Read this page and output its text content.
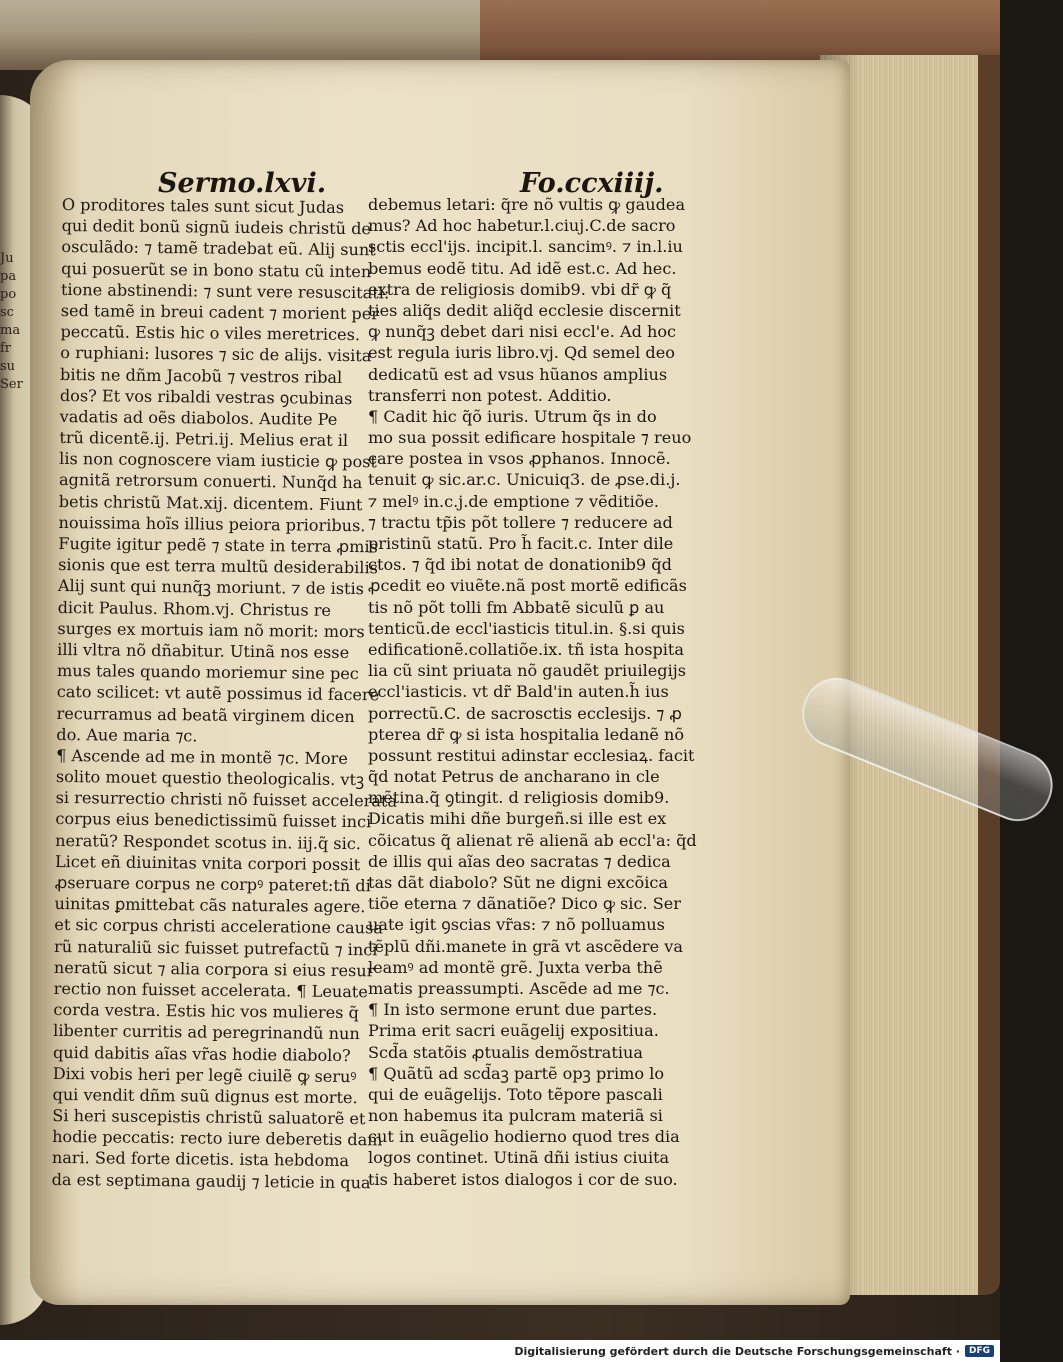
Ju
pa
po
sc
ma
fr
su
Ser
Sermo.lxvi.	Fo.ccxiiij.
O proditores tales sunt sicut Judas
qui dedit bonũ signũ iudeis christũ de
osculãdo: ⁊ tamẽ tradebat eũ. Alij sunt
qui posuerũt se in bono statu cũ inten
tione abstinendi: ⁊ sunt vere resuscitati:
sed tamẽ in breui cadent ⁊ morient per
peccatũ. Estis hic o viles meretrices.
o ruphiani: lusores ⁊ sic de alijs. visita
bitis ne dñm Jacobũ ⁊ vestros ribal
dos? Et vos ribaldi vestras ꝯcubinas
vadatis ad oẽs diabolos. Audite Pe
trũ dicentẽ.ij. Petri.ij. Melius erat il
lis non cognoscere viam iusticie ꝙ post
agnitã retrorsum conuerti. Nunq̃d ha
betis christũ Mat.xij. dicentem. Fiunt
nouissima hoĩs illius peiora prioribus.
Fugite igitur pedẽ ⁊ state in terra ꝓmis
sionis que est terra multũ desiderabilis
Alij sunt qui nunq̃ꝫ moriunt. ⁊ de istis
dicit Paulus. Rhom.vj. Christus re
surges ex mortuis iam nõ morit: mors
illi vltra nõ dñabitur. Utinã nos esse
mus tales quando moriemur sine pec
cato scilicet: vt autẽ possimus id facere
recurramus ad beatã virginem dicen
do. Aue maria ⁊c.
¶ Ascende ad me in montẽ ⁊c. More
solito mouet questio theologicalis. vtꝫ
si resurrectio christi nõ fuisset accelerata
corpus eius benedictissimũ fuisset inci
neratũ? Respondet scotus in. iij.q̃ sic.
Licet eñ diuinitas vnita corpori possit
ꝓseruare corpus ne corpꝰ pateret:tñ di
uinitas ꝑmittebat cãs naturales agere.
et sic corpus christi acceleratione causa
rũ naturaliũ sic fuisset putrefactũ ⁊ inci
neratũ sicut ⁊ alia corpora si eius resur
rectio non fuisset accelerata. ¶ Leuate
corda vestra. Estis hic vos mulieres q̃
libenter curritis ad peregrinandũ nun
quid dabitis aĩas vr̃as hodie diabolo?
Dixi vobis heri per legẽ ciuilẽ ꝙ seruꝰ
qui vendit dñm suũ dignus est morte.
Si heri suscepistis christũ saluatorẽ et
hodie peccatis: recto iure deberetis dam
nari. Sed forte dicetis. ista hebdoma
da est septimana gaudij ⁊ leticie in qua
debemus letari: q̃re nõ vultis ꝙ gaudea
mus? Ad hoc habetur.l.ciuj.C.de sacro
sctis eccl'ijs. incipit.l. sancimꝰ. ⁊ in.l.iu
bemus eodẽ titu. Ad idẽ est.c. Ad hec.
extra de religiosis domib9. vbi dr̃ ꝙ q̃
ties aliq̃s dedit aliq̃d ecclesie discernit
ꝙ nunq̃ꝫ debet dari nisi eccl'e. Ad hoc
est regula iuris libro.vj. Qd semel deo
dedicatũ est ad vsus hũanos amplius
transferri non potest. Additio.
¶ Cadit hic q̃õ iuris. Utrum q̃s in do
mo sua possit edificare hospitale ⁊ reuo
care postea in vsos ꝓphanos. Innocẽ.
tenuit ꝙ sic.ar.c. Unicuiq3. de ꝓse.di.j.
⁊ melꝰ in.c.j.de emptione ⁊ vẽditiõe.
⁊ tractu tp̃is põt tollere ⁊ reducere ad
pristinũ statũ. Pro h̃ facit.c. Inter dile
ctos. ⁊ q̃d ibi notat de donationib9 q̃d
ꝓcedit eo viuẽte.nã post mortẽ edificãs
tis nõ põt tolli fm Abbatẽ siculũ ꝑ au
tenticũ.de eccl'iasticis titul.in. §.si quis
edificationẽ.collatiõe.ix. tñ ista hospita
lia cũ sint priuata nõ gaudẽt priuilegijs
eccl'iasticis. vt dr̃ Bald'in auten.h̃ ius
porrectũ.C. de sacrosctis ecclesijs. ⁊ ꝓ
pterea dr̃ ꝙ si ista hospitalia ledanẽ nõ
possunt restitui adinstar ecclesiaꝝ. facit
q̃d notat Petrus de ancharano in cle
mẽtina.q̃ ꝯtingit. d religiosis domib9.
Dicatis mihi dñe burgeñ.si ille est ex
cõicatus q̃ alienat rẽ alienã ab eccl'a: q̃d
de illis qui aĩas deo sacratas ⁊ dedica
tas dãt diabolo? Sũt ne digni excõica
tiõe eterna ⁊ dãnatiõe? Dico ꝙ sic. Ser
uate igit ꝯscias vr̃as: ⁊ nõ polluamus
tẽplũ dñi.manete in grã vt ascẽdere va
leamꝰ ad montẽ grẽ. Juxta verba thẽ
matis preassumpti. Ascẽde ad me ⁊c.
¶ In isto sermone erunt due partes.
Prima erit sacri euãgelij expositiua.
Scd̃a statõis ꝓtualis demõstratiua
¶ Quãtũ ad scd̃aꝫ partẽ opꝫ primo lo
qui de euãgelijs. Toto tẽpore pascali
non habemus ita pulcram materiã si
cut in euãgelio hodierno quod tres dia
logos continet. Utinã dñi istius ciuita
tis haberet istos dialogos i cor de suo.
Digitalisierung gefördert durch die Deutsche Forschungsgemeinschaft ·	DFG
